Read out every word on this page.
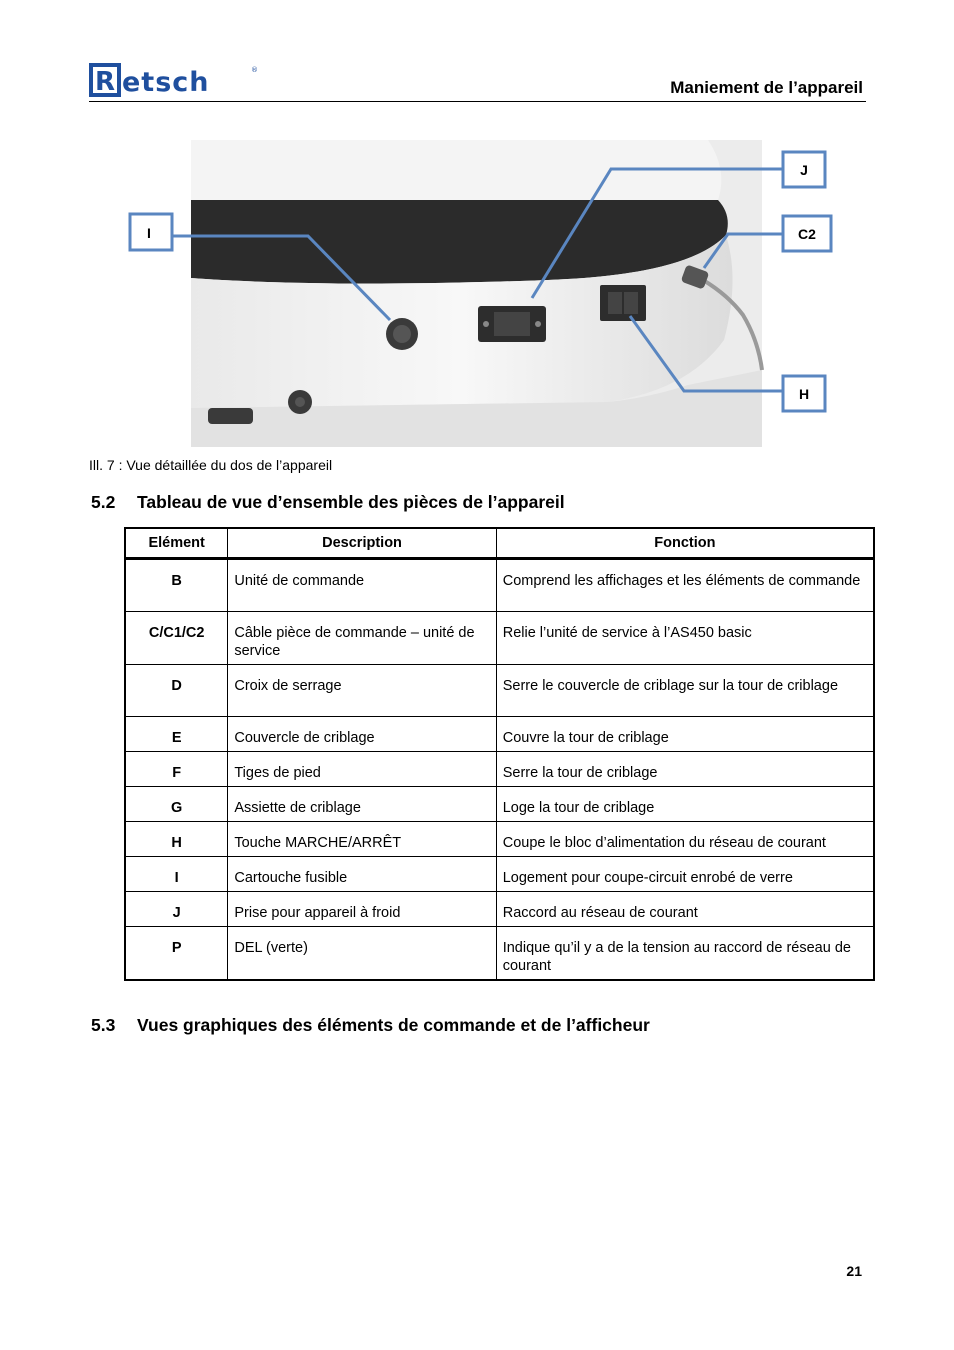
R etsch	®
Maniement de l’appareil
I
J
C2
H
Ill. 7 : Vue détaillée du dos de l’appareil
5.2 Tableau de vue d’ensemble des pièces de l’appareil
Elément	Description	Fonction
B	Unité de commande	Comprend les affichages et les éléments de commande
C/C1/C2	Câble pièce de commande – unité de service	Relie l’unité de service à l’AS450 basic
D	Croix de serrage	Serre le couvercle de criblage sur la tour de criblage
E	Couvercle de criblage	Couvre la tour de criblage
F	Tiges de pied	Serre la tour de criblage
G	Assiette de criblage	Loge la tour de criblage
H	Touche MARCHE/ARRÊT	Coupe le bloc d’alimentation du réseau de courant
I	Cartouche fusible	Logement pour coupe-circuit enrobé de verre
J	Prise pour appareil à froid	Raccord au réseau de courant
P	DEL (verte)	Indique qu’il y a de la tension au raccord de réseau de courant
5.3 Vues graphiques des éléments de commande et de l’afficheur
21
